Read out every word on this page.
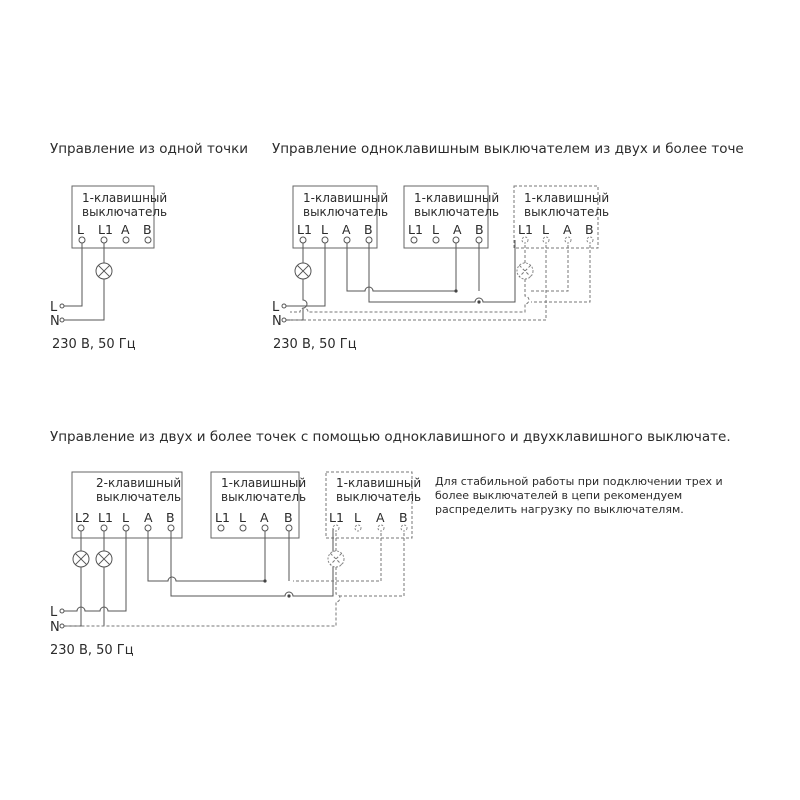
Управление из одной точки Управление одноклавишным выключателем из двух и более точе
Управление из двух и более точек с помощью одноклавишного и двухклавишного выключате.
1-клавишный
выключатель
L L1 A B
L
N
230 В, 50 Гц
1-клавишный
выключатель
L1 L A B
1-клавишный
выключатель
L1 L A B
1-клавишный
выключатель
L1 L A B
L
N
230 В, 50 Гц
2-клавишный
выключатель
L2 L1 L A B
1-клавишный
выключатель
L1 L A B
1-клавишный
выключатель
L1 L A B
L
N
230 В, 50 Гц
Для стабильной работы при подключении трех и
более выключателей в цепи рекомендуем
распределить нагрузку по выключателям.
